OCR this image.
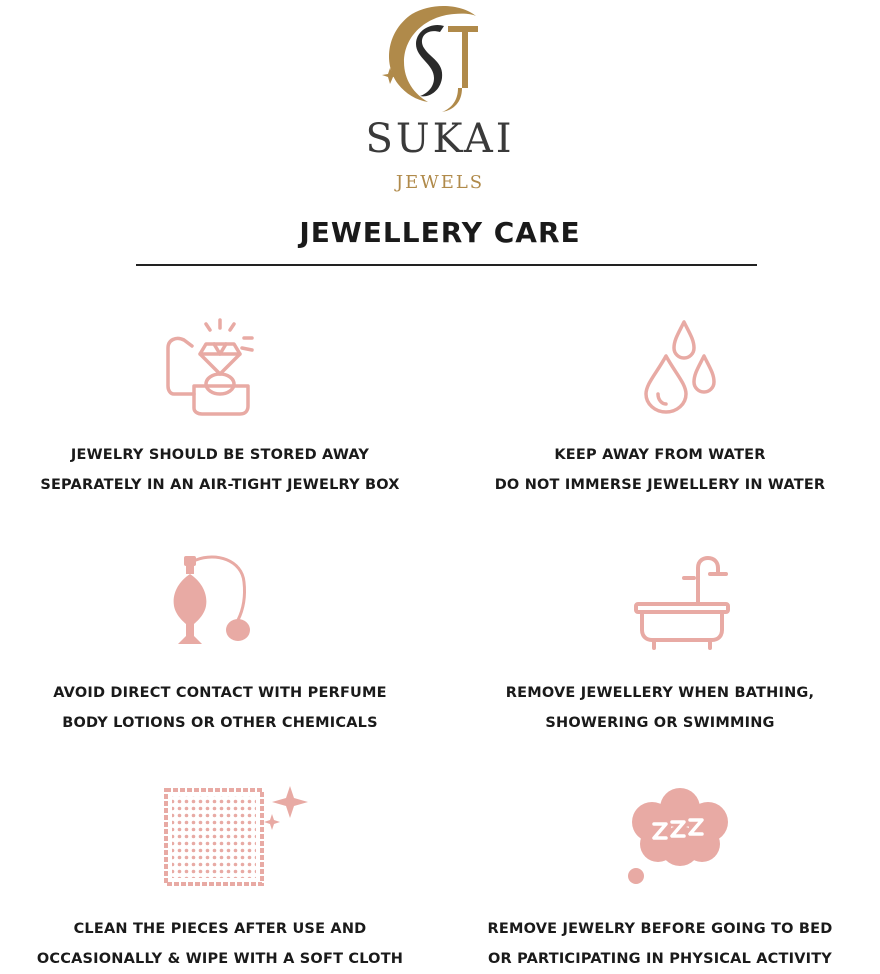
SUKAI
JEWELS
JEWELLERY CARE
JEWELRY SHOULD BE STORED AWAY
SEPARATELY IN AN AIR-TIGHT JEWELRY BOX
KEEP AWAY FROM WATER
DO NOT IMMERSE JEWELLERY IN WATER
AVOID DIRECT CONTACT WITH PERFUME
BODY LOTIONS OR OTHER CHEMICALS
REMOVE JEWELLERY WHEN BATHING,
SHOWERING OR SWIMMING
CLEAN THE PIECES AFTER USE AND
OCCASIONALLY & WIPE WITH A SOFT CLOTH
REMOVE JEWELRY BEFORE GOING TO BED
OR PARTICIPATING IN PHYSICAL ACTIVITY
